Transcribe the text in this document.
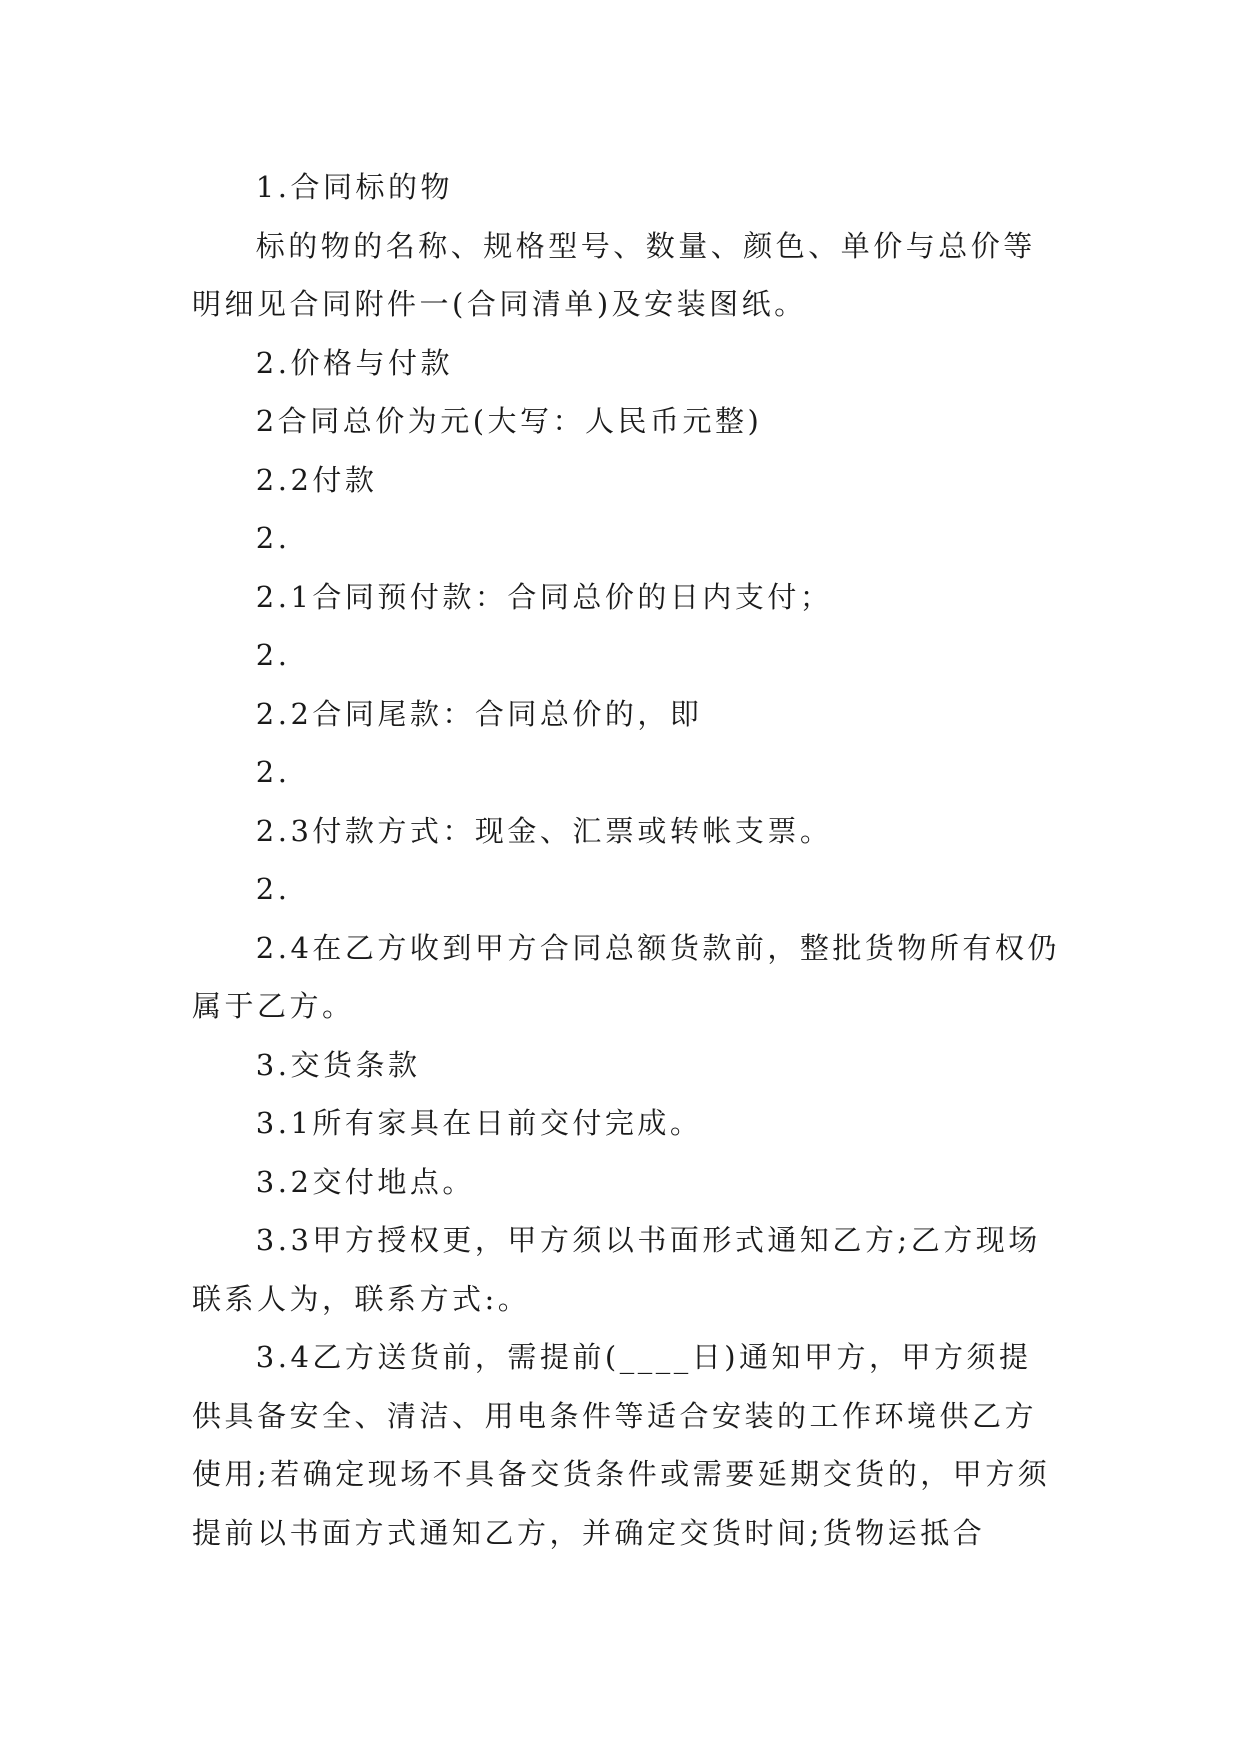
1.合同标的物

标的物的名称、规格型号、数量、颜色、单价与总价等明细见合同附件一(合同清单)及安装图纸。

2.价格与付款

2合同总价为元(大写：人民币元整)

2.2付款

2.

2.1合同预付款：合同总价的日内支付；

2.

2.2合同尾款：合同总价的，即

2.

2.3付款方式：现金、汇票或转帐支票。

2.

2.4在乙方收到甲方合同总额货款前，整批货物所有权仍属于乙方。

3.交货条款

3.1所有家具在日前交付完成。

3.2交付地点。

3.3甲方授权更，甲方须以书面形式通知乙方;乙方现场联系人为，联系方式:。

3.4乙方送货前，需提前(____日)通知甲方，甲方须提供具备安全、清洁、用电条件等适合安装的工作环境供乙方使用;若确定现场不具备交货条件或需要延期交货的，甲方须提前以书面方式通知乙方，并确定交货时间;货物运抵合
